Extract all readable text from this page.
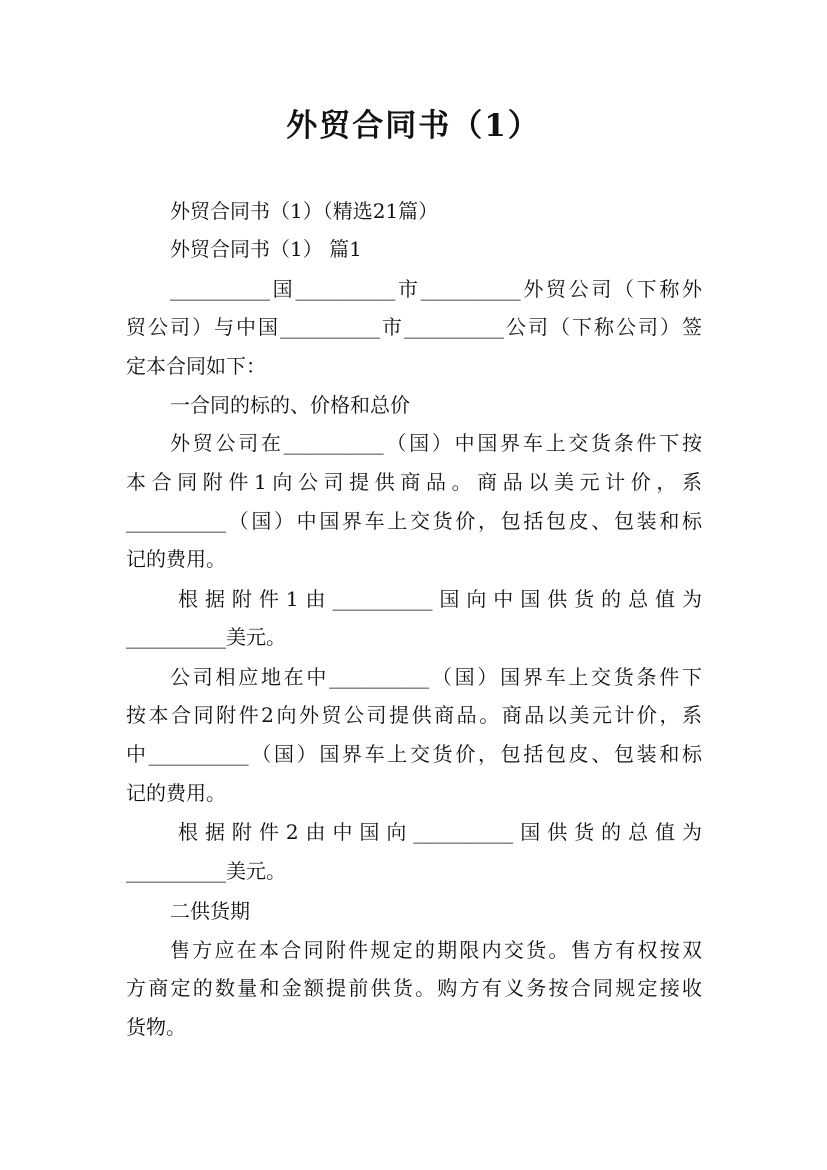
外贸合同书（1）
外贸合同书（1）（精选21篇）
外贸合同书（1） 篇1
__________国__________市__________外贸公司（下称外
贸公司）与中国__________市__________公司（下称公司）签
定本合同如下：
一合同的标的、价格和总价
外贸公司在__________（国）中国界车上交货条件下按
本合同附件1向公司提供商品。商品以美元计价，系
__________（国）中国界车上交货价，包括包皮、包装和标
记的费用。
根据附件1由__________国向中国供货的总值为
__________美元。
公司相应地在中__________（国）国界车上交货条件下
按本合同附件2向外贸公司提供商品。商品以美元计价，系
中__________（国）国界车上交货价，包括包皮、包装和标
记的费用。
根据附件2由中国向__________国供货的总值为
__________美元。
二供货期
售方应在本合同附件规定的期限内交货。售方有权按双
方商定的数量和金额提前供货。购方有义务按合同规定接收
货物。
